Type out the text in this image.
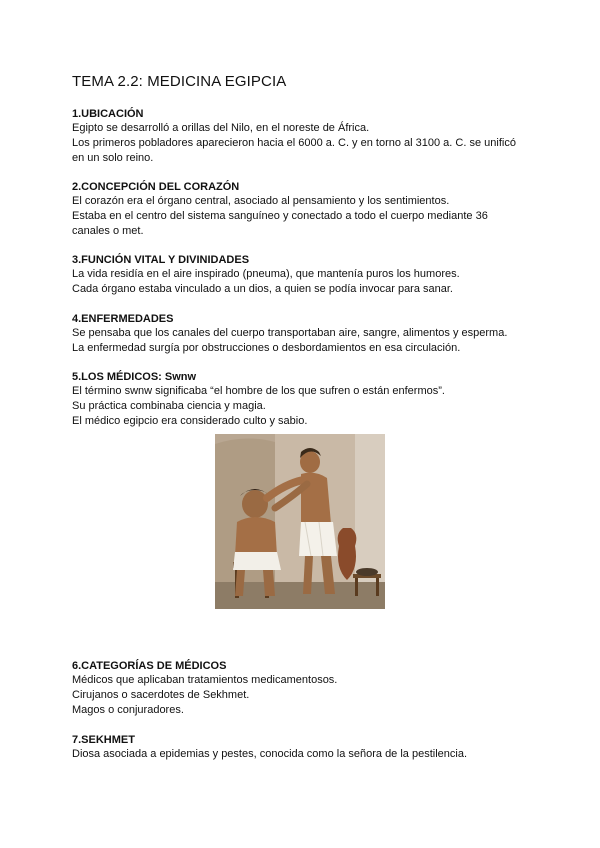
TEMA 2.2: MEDICINA EGIPCIA

1.UBICACIÓN

Egipto se desarrolló a orillas del Nilo, en el noreste de África.

Los primeros pobladores aparecieron hacia el 6000 a. C. y en torno al 3100 a. C. se unificó

en un solo reino.

2.CONCEPCIÓN DEL CORAZÓN

El corazón era el órgano central, asociado al pensamiento y los sentimientos.

Estaba en el centro del sistema sanguíneo y conectado a todo el cuerpo mediante 36

canales o met.

3.FUNCIÓN VITAL Y DIVINIDADES

La vida residía en el aire inspirado (pneuma), que mantenía puros los humores.

Cada órgano estaba vinculado a un dios, a quien se podía invocar para sanar.

4.ENFERMEDADES

Se pensaba que los canales del cuerpo transportaban aire, sangre, alimentos y esperma.

La enfermedad surgía por obstrucciones o desbordamientos en esa circulación.

5.LOS MÉDICOS: Swnw

El término swnw significaba “el hombre de los que sufren o están enfermos”.

Su práctica combinaba ciencia y magia.

El médico egipcio era considerado culto y sabio.

6.CATEGORÍAS DE MÉDICOS

Médicos que aplicaban tratamientos medicamentosos.

Cirujanos o sacerdotes de Sekhmet.

Magos o conjuradores.

7.SEKHMET

Diosa asociada a epidemias y pestes, conocida como la señora de la pestilencia.
